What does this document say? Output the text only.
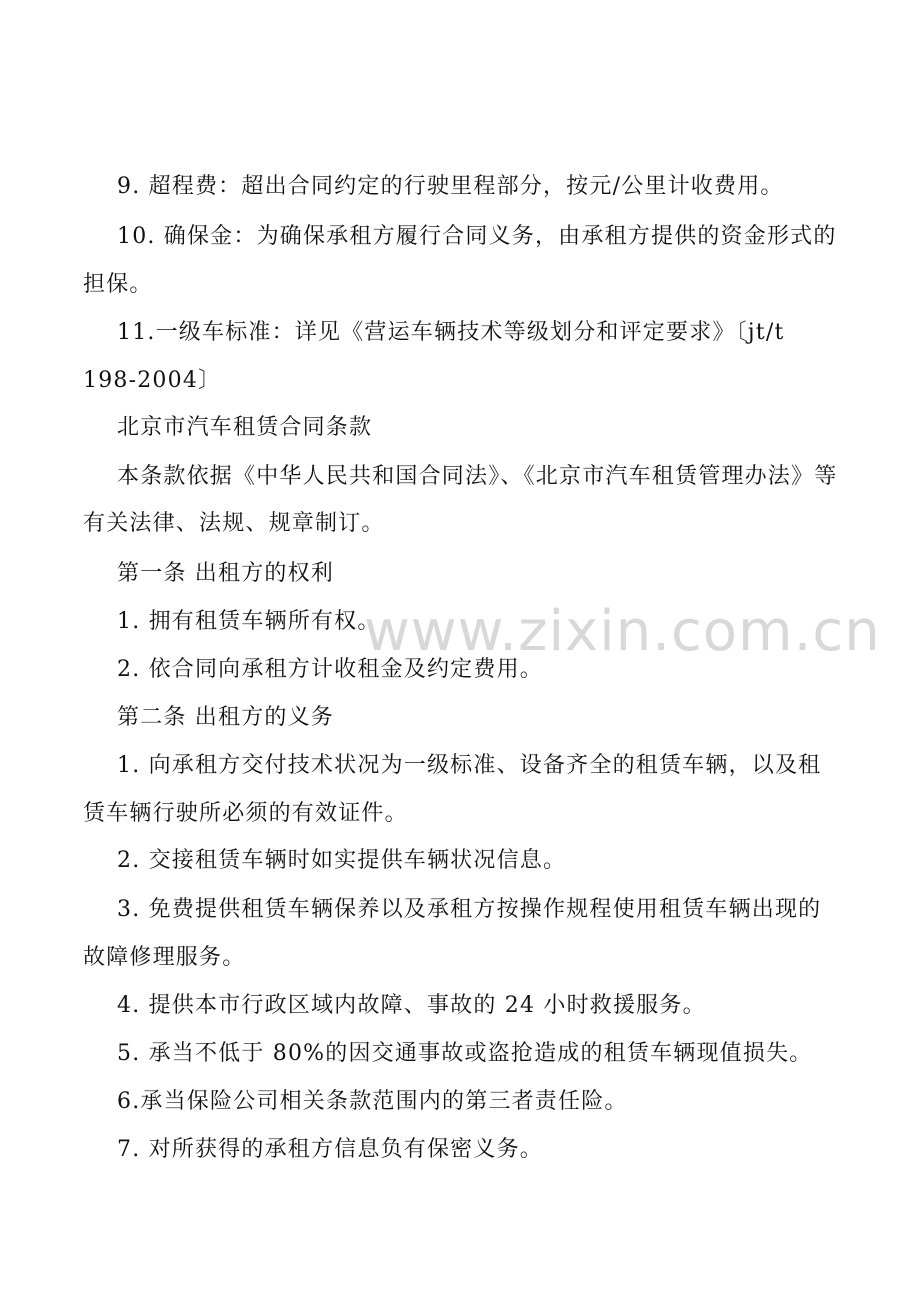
9. 超程费：超出合同约定的行驶里程部分，按元/公里计收费用。
10. 确保金：为确保承租方履行合同义务，由承租方提供的资金形式的
担保。
11.一级车标准：详见《营运车辆技术等级划分和评定要求》〔jt/t
198-2004〕
北京市汽车租赁合同条款
本条款依据《中华人民共和国合同法》、《北京市汽车租赁管理办法》等
有关法律、法规、规章制订。
第一条 出租方的权利
1. 拥有租赁车辆所有权。
2. 依合同向承租方计收租金及约定费用。
第二条 出租方的义务
1. 向承租方交付技术状况为一级标准、设备齐全的租赁车辆，以及租
赁车辆行驶所必须的有效证件。
2. 交接租赁车辆时如实提供车辆状况信息。
3. 免费提供租赁车辆保养以及承租方按操作规程使用租赁车辆出现的
故障修理服务。
4. 提供本市行政区域内故障、事故的 24 小时救援服务。
5. 承当不低于 80%的因交通事故或盗抢造成的租赁车辆现值损失。
6.承当保险公司相关条款范围内的第三者责任险。
7. 对所获得的承租方信息负有保密义务。
www.zixin.com.cn
